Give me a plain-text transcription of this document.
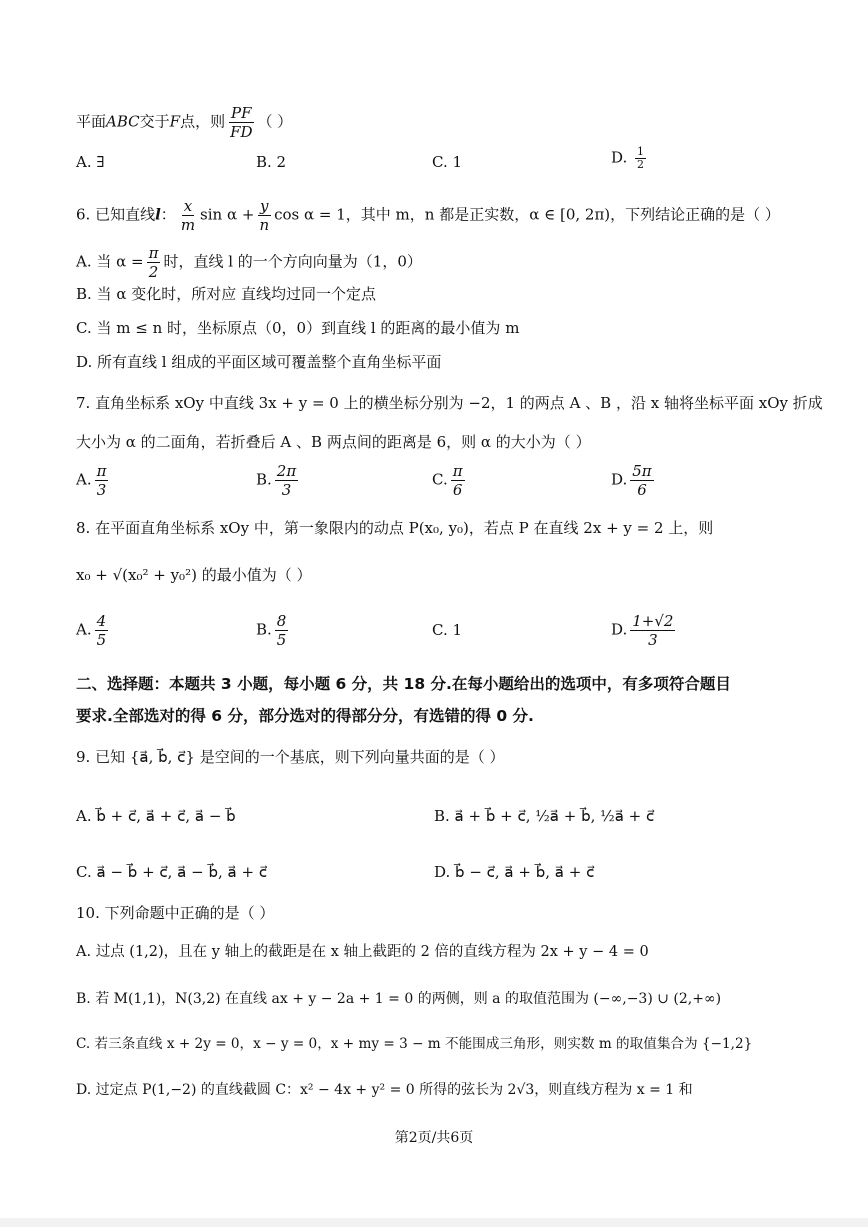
平面ABC交于F点，则 $\frac{PF}{FD}$ （ ）
A. ∃	B. 2	C. 1	D. $\frac{1}{2}$
6. 已知直线l： $\frac{x}{m}$ $\sin \alpha + \frac{y}{n}$ cos α = 1，其中 m，n 都是正实数，α ∈ [0, 2π)，下列结论正确的是（ ）
A. 当 $\alpha = \frac{\pi}{2}$ 时，直线 l 的一个方向向量为（1，0）
B. 当 α 变化时，所对应 直线均过同一个定点
C. 当 m ≤ n 时，坐标原点（0，0）到直线 l 的距离的最小值为 m
D. 所有直线 l 组成的平面区域可覆盖整个直角坐标平面
7. 直角坐标系 xOy 中直线 3x + y = 0 上的横坐标分别为 −2，1 的两点 A 、B ，沿 x 轴将坐标平面 xOy 折成
大小为 α 的二面角，若折叠后 A 、B 两点间的距离是 6，则 α 的大小为（ ）
A. $\frac{\pi}{3}$	B. $\frac{2\pi}{3}$	C. $\frac{\pi}{6}$	D. $\frac{5\pi}{6}$
8. 在平面直角坐标系 xOy 中，第一象限内的动点 P(x₀, y₀)，若点 P 在直线 2x + y = 2 上，则
x₀ + √(x₀² + y₀²) 的最小值为（ ）
A. $\frac{4}{5}$	B. $\frac{8}{5}$	C. 1	D. $\frac{1+√2}{3}$
二、选择题：本题共 3 小题，每小题 6 分，共 18 分.在每小题给出的选项中，有多项符合题目
要求.全部选对的得 6 分，部分选对的得部分分，有选错的得 0 分.
9. 已知 {a⃗, b⃗, c⃗} 是空间的一个基底，则下列向量共面的是（ ）
A. b⃗ + c⃗, a⃗ + c⃗, a⃗ − b⃗	B. a⃗ + b⃗ + c⃗, ½a⃗ + b⃗, ½a⃗ + c⃗
C. a⃗ − b⃗ + c⃗, a⃗ − b⃗, a⃗ + c⃗	D. b⃗ − c⃗, a⃗ + b⃗, a⃗ + c⃗
10. 下列命题中正确的是（ ）
A. 过点 (1,2)，且在 y 轴上的截距是在 x 轴上截距的 2 倍的直线方程为 2x + y − 4 = 0
B. 若 M(1,1)，N(3,2) 在直线 ax + y − 2a + 1 = 0 的两侧，则 a 的取值范围为 (−∞,−3) ∪ (2,+∞)
C. 若三条直线 x + 2y = 0，x − y = 0，x + my = 3 − m 不能围成三角形，则实数 m 的取值集合为 {−1,2}
D. 过定点 P(1,−2) 的直线截圆 C：x² − 4x + y² = 0 所得的弦长为 2√3，则直线方程为 x = 1 和
第2页/共6页
